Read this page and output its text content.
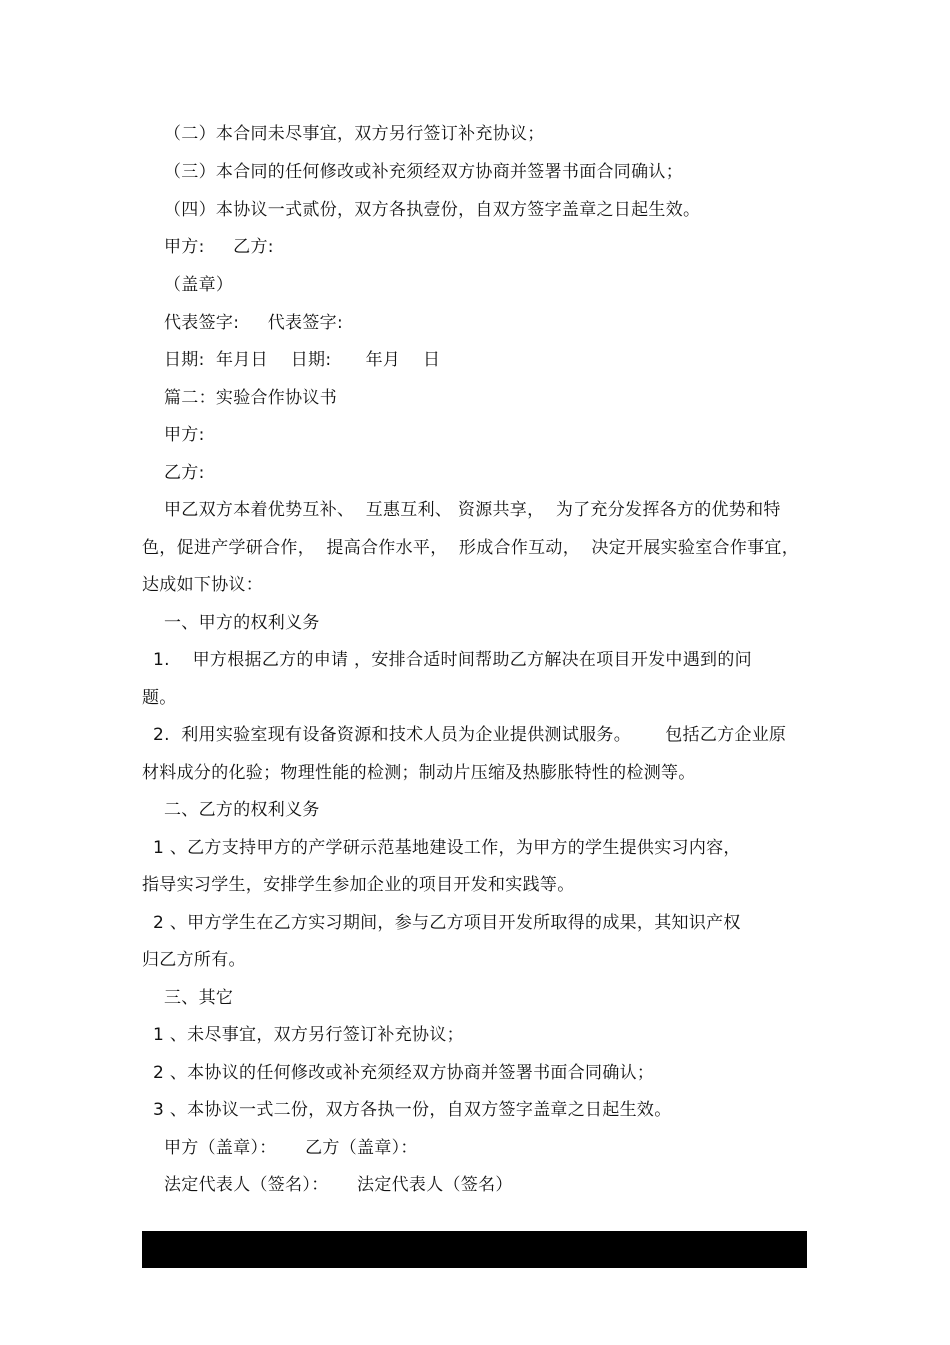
（二）本合同未尽事宜，双方另行签订补充协议；
（三）本合同的任何修改或补充须经双方协商并签署书面合同确认；
（四）本协议一式贰份，双方各执壹份，自双方签字盖章之日起生效。
甲方:     乙方:
（盖章）
代表签字:     代表签字:
日期:  年月日    日期:      年月    日
篇二：实验合作协议书
甲方:
乙方:
甲乙双方本着优势互补、  互惠互利、 资源共享，  为了充分发挥各方的优势和特
色，促进产学研合作，  提高合作水平，  形成合作互动，  决定开展实验室合作事宜，
达成如下协议：
一、甲方的权利义务
1.    甲方根据乙方的申请 ，安排合适时间帮助乙方解决在项目开发中遇到的问
题。
2.  利用实验室现有设备资源和技术人员为企业提供测试服务。      包括乙方企业原
材料成分的化验；物理性能的检测；制动片压缩及热膨胀特性的检测等。
二、乙方的权利义务
1 、乙方支持甲方的产学研示范基地建设工作，为甲方的学生提供实习内容，
指导实习学生，安排学生参加企业的项目开发和实践等。
2 、甲方学生在乙方实习期间，参与乙方项目开发所取得的成果，其知识产权
归乙方所有。
三、其它
1 、未尽事宜，双方另行签订补充协议；
2 、本协议的任何修改或补充须经双方协商并签署书面合同确认；
3 、本协议一式二份，双方各执一份，自双方签字盖章之日起生效。
甲方（盖章）：     乙方（盖章）：
法定代表人（签名）：     法定代表人（签名）
